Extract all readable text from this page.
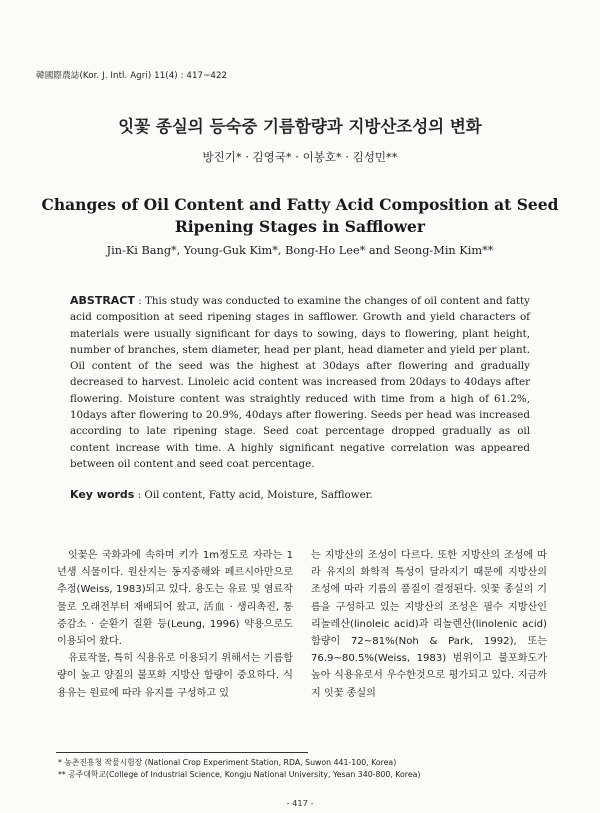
韓國際農誌(Kor. J. Intl. Agri) 11(4) : 417~422
잇꽃 종실의 등숙중 기름함량과 지방산조성의 변화
방진기* · 김영국* · 이봉호* · 김성민**
Changes of Oil Content and Fatty Acid Composition at Seed
Ripening Stages in Safflower
Jin-Ki Bang*, Young-Guk Kim*, Bong-Ho Lee* and Seong-Min Kim**
ABSTRACT : This study was conducted to examine the changes of oil content and fatty acid composition at seed ripening stages in safflower. Growth and yield characters of materials were usually significant for days to sowing, days to flowering, plant height, number of branches, stem diameter, head per plant, head diameter and yield per plant. Oil content of the seed was the highest at 30days after flowering and gradually decreased to harvest. Linoleic acid content was increased from 20days to 40days after flowering. Moisture content was straightly reduced with time from a high of 61.2%, 10days after flowering to 20.9%, 40days after flowering. Seeds per head was increased according to late ripening stage. Seed coat percentage dropped gradually as oil content increase with time. A highly significant negative correlation was appeared between oil content and seed coat percentage.
Key words : Oil content, Fatty acid, Moisture, Safflower.

잇꽃은 국화과에 속하며 키가 1m정도로 자라는 1년생 식물이다. 원산지는 동지중해와 페르시아만으로 추정(Weiss, 1983)되고 있다. 용도는 유료 및 염료작물로 오래전부터 재배되어 왔고, 活血 · 생리촉진, 통증감소 · 순환기 질환 등(Leung, 1996) 약용으로도 이용되어 왔다.

유료작물, 특히 식용유로 이용되기 위해서는 기름함량이 높고 양질의 불포화 지방산 함량이 중요하다. 식용유는 원료에 따라 유지를 구성하고 있

는 지방산의 조성이 다르다. 또한 지방산의 조성에 따라 유지의 화학적 특성이 달라지기 때문에 지방산의 조성에 따라 기름의 품질이 결정된다. 잇꽃 종실의 기름을 구성하고 있는 지방산의 조성은 필수 지방산인 리놀레산(linoleic acid)과 리놀렌산(linolenic acid) 함량이 72~81%(Noh & Park, 1992), 또는 76.9~80.5%(Weiss, 1983) 범위이고 불포화도가 높아 식용유로서 우수한것으로 평가되고 있다. 지금까지 잇꽃 종실의

* 농촌진흥청 작물시험장 (National Crop Experiment Station, RDA, Suwon 441-100, Korea)
** 공주대학교(College of Industrial Science, Kongju National University, Yesan 340-800, Korea)
- 417 -
